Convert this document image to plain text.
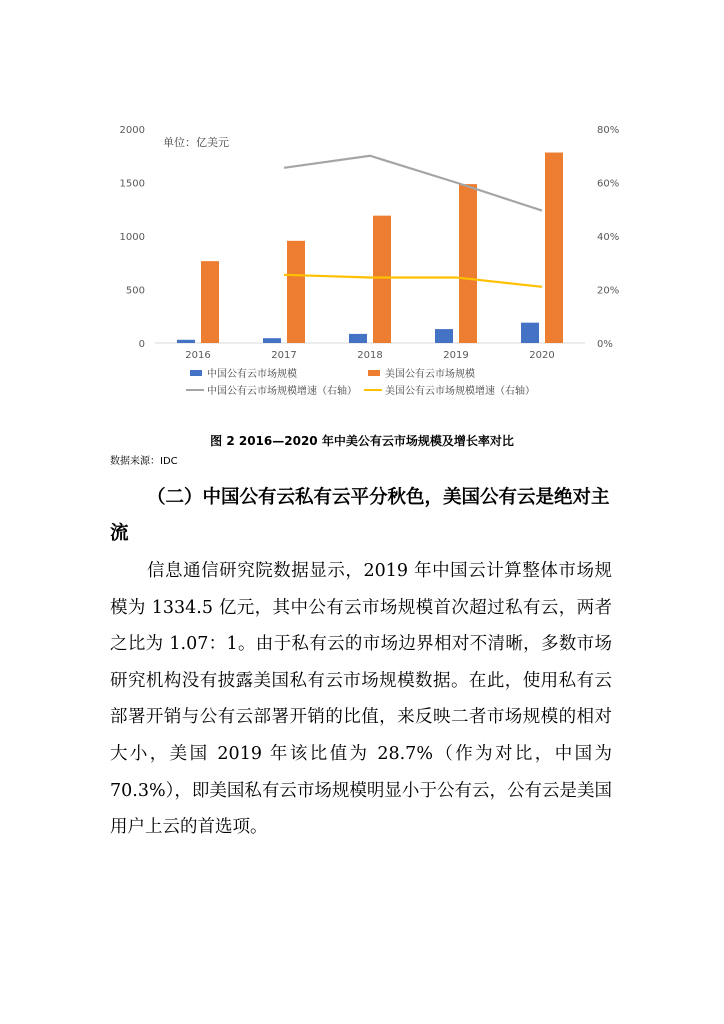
0
500
1000
1500
2000
0%
20%
40%
60%
80%
2016	2017	2018	2019	2020
单位：亿美元
中国公有云市场规模	美国公有云市场规模
中国公有云市场规模增速（右轴）	美国公有云市场规模增速（右轴）
图 2 2016—2020 年中美公有云市场规模及增长率对比
数据来源：IDC

（二）中国公有云私有云平分秋色，美国公有云是绝对主流

信息通信研究院数据显示，2019 年中国云计算整体市场规模为 1334.5 亿元，其中公有云市场规模首次超过私有云，两者之比为 1.07：1。由于私有云的市场边界相对不清晰，多数市场研究机构没有披露美国私有云市场规模数据。在此，使用私有云部署开销与公有云部署开销的比值，来反映二者市场规模的相对大小，美国 2019 年该比值为 28.7%（作为对比，中国为 70.3%），即美国私有云市场规模明显小于公有云，公有云是美国用户上云的首选项。
